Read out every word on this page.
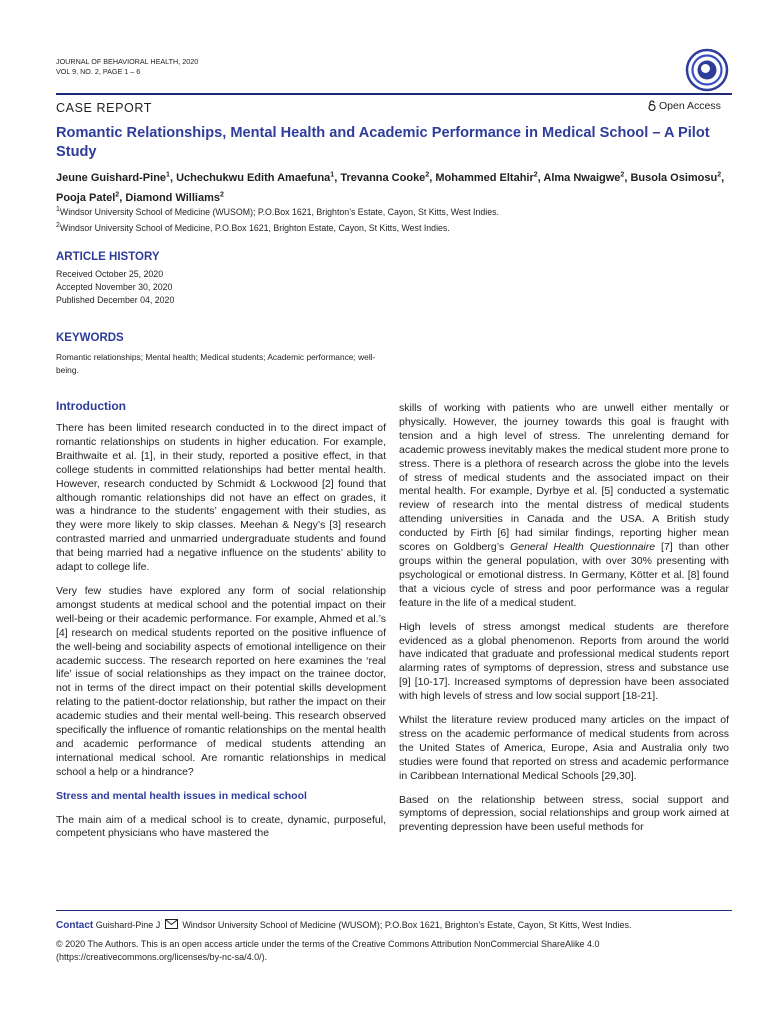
JOURNAL OF BEHAVIORAL HEALTH, 2020
VOL 9, NO. 2, PAGE 1 – 6
CASE REPORT	Open Access
Romantic Relationships, Mental Health and Academic Performance in Medical School – A Pilot Study
Jeune Guishard-Pine$^1$, Uchechukwu Edith Amaefuna$^1$, Trevanna Cooke$^2$, Mohammed Eltahir$^2$, Alma Nwaigwe$^2$, Busola Osimosu$^2$, Pooja Patel$^2$, Diamond Williams$^2$
$^1$Windsor University School of Medicine (WUSOM); P.O.Box 1621, Brighton’s Estate, Cayon, St Kitts, West Indies.
$^2$Windsor University School of Medicine, P.O.Box 1621, Brighton Estate, Cayon, St Kitts, West Indies.
ARTICLE HISTORY
Received October 25, 2020
Accepted November 30, 2020
Published December 04, 2020
KEYWORDS
Romantic relationships; Mental health; Medical students; Academic performance; well-being.
Introduction

There has been limited research conducted in to the direct impact of romantic relationships on students in higher education. For example, Braithwaite et al. [1], in their study, reported a positive effect, in that college students in committed relationships had better mental health. However, research conducted by Schmidt & Lockwood [2] found that although romantic relationships did not have an effect on grades, it was a hindrance to the students’ engagement with their studies, as they were more likely to skip classes. Meehan & Negy’s [3] research contrasted married and unmarried undergraduate students and found that being married had a negative influence on the students’ ability to adapt to college life.

Very few studies have explored any form of social relationship amongst students at medical school and the potential impact on their well-being or their academic performance. For example, Ahmed et al.’s [4] research on medical students reported on the positive influence of the well-being and sociability aspects of emotional intelligence on their academic success. The research reported on here examines the ‘real life’ issue of social relationships as they impact on the trainee doctor, not in terms of the direct impact on their potential skills development relating to the patient-doctor relationship, but rather the impact on their academic studies and their mental well-being. This research observed specifically the influence of romantic relationships on the mental health and academic performance of medical students attending an international medical school. Are romantic relationships in medical school a help or a hindrance?

Stress and mental health issues in medical school

The main aim of a medical school is to create, dynamic, purposeful, competent physicians who have mastered the

skills of working with patients who are unwell either mentally or physically. However, the journey towards this goal is fraught with tension and a high level of stress. The unrelenting demand for academic prowess inevitably makes the medical student more prone to stress. There is a plethora of research across the globe into the levels of stress of medical students and the associated impact on their mental health. For example, Dyrbye et al. [5] conducted a systematic review of research into the mental distress of medical students attending universities in Canada and the USA. A British study conducted by Firth [6] had similar findings, reporting higher mean scores on Goldberg’s General Health Questionnaire [7] than other groups within the general population, with over 30% presenting with psychological or emotional distress. In Germany, Kötter et al. [8] found that a vicious cycle of stress and poor performance was a regular feature in the life of a medical student.

High levels of stress amongst medical students are therefore evidenced as a global phenomenon. Reports from around the world have indicated that graduate and professional medical students report alarming rates of symptoms of depression, stress and substance use [9] [10-17]. Increased symptoms of depression have been associated with high levels of stress and low social support [18-21].

Whilst the literature review produced many articles on the impact of stress on the academic performance of medical students from across the United States of America, Europe, Asia and Australia only two studies were found that reported on stress and academic performance in Caribbean International Medical Schools [29,30].

Based on the relationship between stress, social support and symptoms of depression, social relationships and group work aimed at preventing depression have been useful methods for

Contact Guishard-Pine J Windsor University School of Medicine (WUSOM); P.O.Box 1621, Brighton’s Estate, Cayon, St Kitts, West Indies.
© 2020 The Authors. This is an open access article under the terms of the Creative Commons Attribution NonCommercial ShareAlike 4.0 (https://creativecommons.org/licenses/by-nc-sa/4.0/).
